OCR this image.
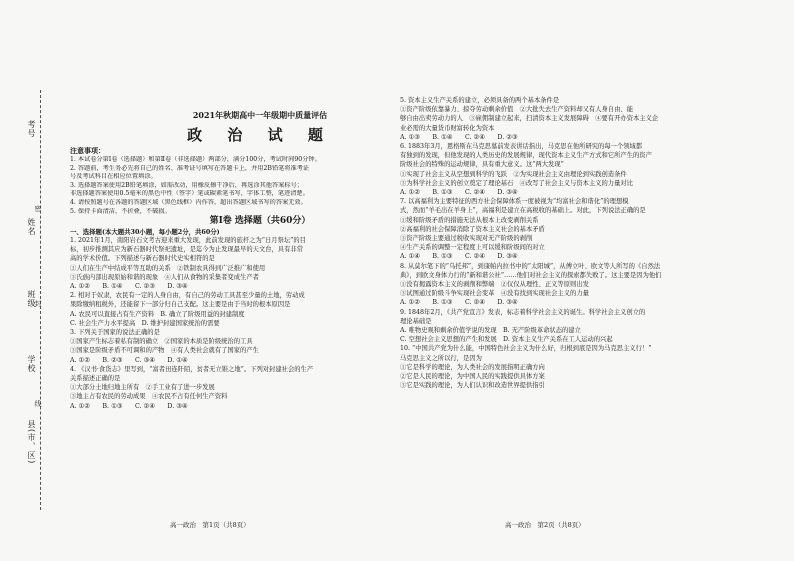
考号
姓名
班级
学校
县(市、区)
密
封
线
2021年秋期高中一年级期中质量评估
政 治 试 题
注意事项：
1. 本试卷分第Ⅰ卷（选择题）和第Ⅱ卷（非选择题）两部分，满分100分，考试时间90分钟。
2. 答题前，考生务必先将自己的姓名、准考证号填写在答题卡上，并用2B铅笔将准考证
号及考试科目在相应位置填涂。
3. 选择题答案使用2B铅笔填涂，如需改动，用橡皮擦干净后，再选涂其他答案标号；
非选择题答案使用0.5毫米的黑色中性（签字）笔或碳素笔书写，字体工整，笔迹清楚。
4. 请按照题号在各题的答题区域（黑色线框）内作答，超出答题区域书写的答案无效。
5. 保持卡面清洁，不折叠，不破损。
第Ⅰ卷 选择题（共60分）
一、选择题(本大题共30小题，每小题2分，共60分)
1. 2021年1月，南阳岩石文考古迎来重大发现，此前发现的旅杆之为“日月祭坛”的目
标，初步推测其应为新石器时代祭祀遗址，是迄今为止发现最早的天文台，具有非常
高的学术价值。下列描述与新石器时代史实相符的是
①人们在生产中结成平等互助的关系　②铁制农具得到广泛推广和使用
③氏族内部出现原始和谐的现象　④人们从食物的采集者变成生产者
A. ①②　　B. ①④　　C. ②③　　D. ③④
2. 相对于奴隶，农民有一定的人身自由，有自己的劳动工具甚至少量的土地，劳动成
果除缴纳租税外，还能留下一部分归自己支配。这主要是由于当时的根本原因是
A. 农民可以直接占有生产资料　B. 确立了阶级用益的封建制度
C. 社会生产力水平提高　D. 维护封建国家统治的需要
3. 下列关于国家的说法正确的是
①国家产生标志着私有制的确立　②国家的本质是阶级统治的工具
③国家是阶级矛盾不可调和的产物　④有人类社会就有了国家的产生
A. ①②　　B. ②③　　C. ③④　　D. ①④
4. 《汉书·食货志》里写到，“富者田连阡陌，贫者无立锥之地”。下列对封建社会的生产
关系描述正确的是
①大部分土地归地主所有　②手工业有了进一步发展
③地主占有农民的劳动成果　④农民不占有任何生产资料
A. ①②　　B. ①③　　C. ②④　　D. ③④
5. 资本主义生产关系的建立，必须具备的两个基本条件是
①资产阶级依靠暴力、掠夺劳动剩余价值　②大批失去生产资料却又有人身自由、能
够自由出卖劳动力的人　③雇佣制建立起来，扫清资本主义发展障碍　④要有开办资本主义企
业必需的大量货币财富转化为资本
A. ①③　　B. ①④　　C. ②④　　D. ②③
6. 1883年3月，恩格斯在马克思墓前发表讲话指出，马克思在他所研究的每一个领域都
有独到的发现，但他发现的人类历史的发展规律，现代资本主义生产方式和它所产生的资产
阶级社会的特殊的运动规律，具有重大意义。这“两大发现”
①实现了社会主义从空想到科学的飞跃　②为实现社会主义由理论到实践创造条件
③为科学社会主义的创立奠定了理论基石　④改写了社会主义与资本主义的力量对比
A. ①②　　B. ①③　　C. ②④　　D. ③④
7. 以高福利为主要特征的西方社会保障体系一度被视为“均富社会和谐化”的理想模
式，然而“羊毛出在羊身上”，高福利是建立在高税收的基础上。对此，下列说法正确的是
①缓和阶级矛盾的措施无法从根本上改变剥削关系
②高福利的社会保障消除了资本主义社会的基本矛盾
③资产阶级主要通过税收实现对无产阶级的剥削
④生产关系的调整一定程度上可以缓和阶级间的对立
A. ①④　　B. ①③　　C. ②④　　D. ③④
8. 从莫尔笔下的“乌托邦”，到康帕内拉书中的“太阳城”，从傅立叶、欧文等人所写的《自然法
典》，到欧文身体力行的“新和谐公社”……他们对社会主义的探索都失败了。这主要是因为他们
①没有揭露资本主义的剥削和弊端　②仅仅从理性、正义等原则出发
③试图通过阶级斗争实现社会变革　④没有找到实现社会主义的力量
A. ①②　　B. ①③　　C. ②④　　D. ③④
9. 1848年2月，《共产党宣言》发表，标志着科学社会主义的诞生。科学社会主义创立的
理论基础是
A. 唯物史观和剩余价值学说的发现　B. 无产阶级革命状态的建立
C. 空想社会主义思想的产生和发展　D. 资本主义生产关系在工人运动的兴起
10. “中国共产党为什么能，中国特色社会主义为什么好，归根到底是因为马克思主义行！”
马克思主义之所以行，是因为
①它是科学的理论，为人类社会的发展指明正确方向
②它是人民的理论，为中国人民的实践提供具体方案
③它是实践的理论，为人们认识和改造世界提供指引
高一政治　第1页（共8页）	高一政治　第2页（共8页）
